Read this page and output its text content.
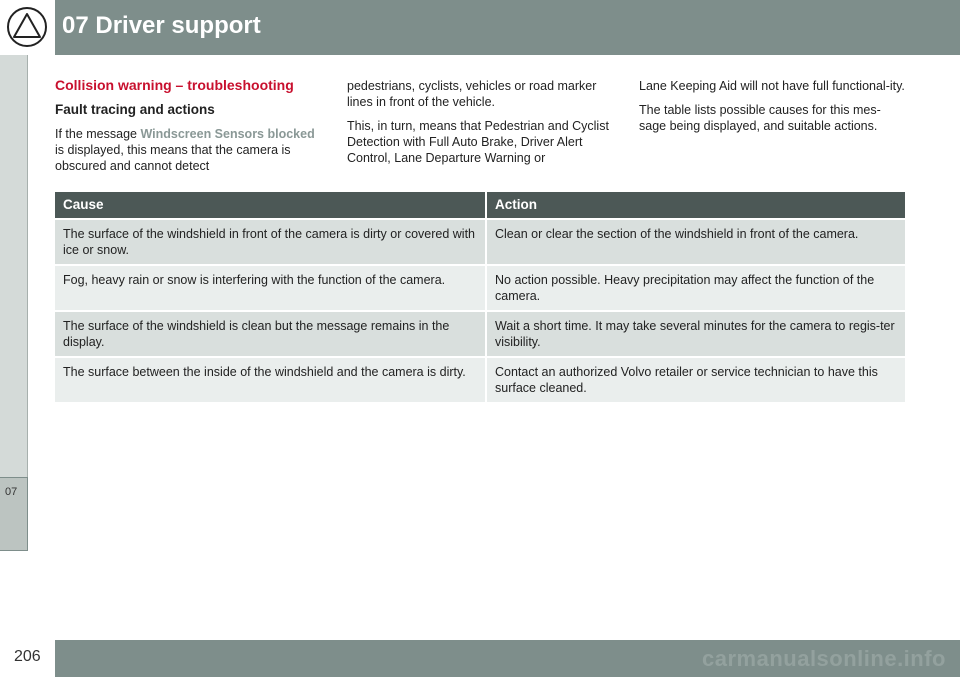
07 Driver support
07

Collision warning – troubleshooting

Fault tracing and actions

If the message Windscreen Sensors blocked is displayed, this means that the camera is obscured and cannot detect

pedestrians, cyclists, vehicles or road marker lines in front of the vehicle.

This, in turn, means that Pedestrian and Cyclist Detection with Full Auto Brake, Driver Alert Control, Lane Departure Warning or

Lane Keeping Aid will not have full functional-ity.

The table lists possible causes for this mes-sage being displayed, and suitable actions.

Cause	Action
The surface of the windshield in front of the camera is dirty or covered with ice or snow.	Clean or clear the section of the windshield in front of the camera.
Fog, heavy rain or snow is interfering with the function of the camera.	No action possible. Heavy precipitation may affect the function of the camera.
The surface of the windshield is clean but the message remains in the display.	Wait a short time. It may take several minutes for the camera to regis-ter visibility.
The surface between the inside of the windshield and the camera is dirty.	Contact an authorized Volvo retailer or service technician to have this surface cleaned.
206	carmanualsonline.info
